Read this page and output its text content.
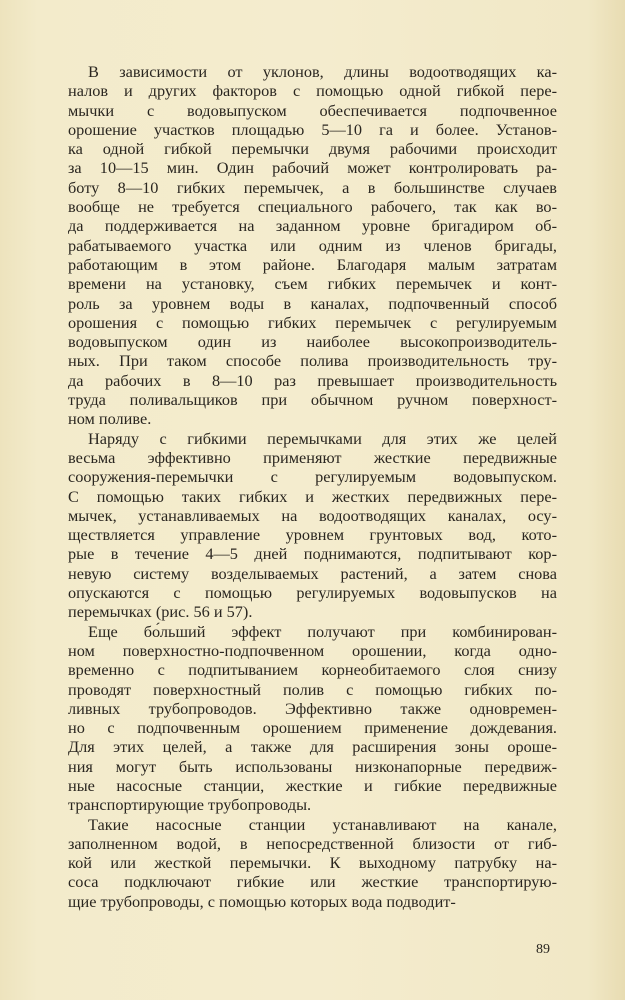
В зависимости от уклонов, длины водоотводящих ка-
налов и других факторов с помощью одной гибкой пере-
мычки с водовыпуском обеспечивается подпочвенное
орошение участков площадью 5—10 га и более. Установ-
ка одной гибкой перемычки двумя рабочими происходит
за 10—15 мин. Один рабочий может контролировать ра-
боту 8—10 гибких перемычек, а в большинстве случаев
вообще не требуется специального рабочего, так как во-
да поддерживается на заданном уровне бригадиром об-
рабатываемого участка или одним из членов бригады,
работающим в этом районе. Благодаря малым затратам
времени на установку, съем гибких перемычек и конт-
роль за уровнем воды в каналах, подпочвенный способ
орошения с помощью гибких перемычек с регулируемым
водовыпуском один из наиболее высокопроизводитель-
ных. При таком способе полива производительность тру-
да рабочих в 8—10 раз превышает производительность
труда поливальщиков при обычном ручном поверхност-
ном поливе.
Наряду с гибкими перемычками для этих же целей
весьма эффективно применяют жесткие передвижные
сооружения-перемычки с регулируемым водовыпуском.
С помощью таких гибких и жестких передвижных пере-
мычек, устанавливаемых на водоотводящих каналах, осу-
ществляется управление уровнем грунтовых вод, кото-
рые в течение 4—5 дней поднимаются, подпитывают кор-
невую систему возделываемых растений, а затем снова
опускаются с помощью регулируемых водовыпусков на
перемычках (рис. 56 и 57).
Еще бо́льший эффект получают при комбинирован-
ном поверхностно-подпочвенном орошении, когда одно-
временно с подпитыванием корнеобитаемого слоя снизу
проводят поверхностный полив с помощью гибких по-
ливных трубопроводов. Эффективно также одновремен-
но с подпочвенным орошением применение дождевания.
Для этих целей, а также для расширения зоны ороше-
ния могут быть использованы низконапорные передвиж-
ные насосные станции, жесткие и гибкие передвижные
транспортирующие трубопроводы.
Такие насосные станции устанавливают на канале,
заполненном водой, в непосредственной близости от гиб-
кой или жесткой перемычки. К выходному патрубку на-
соса подключают гибкие или жесткие транспортирую-
щие трубопроводы, с помощью которых вода подводит-
89
